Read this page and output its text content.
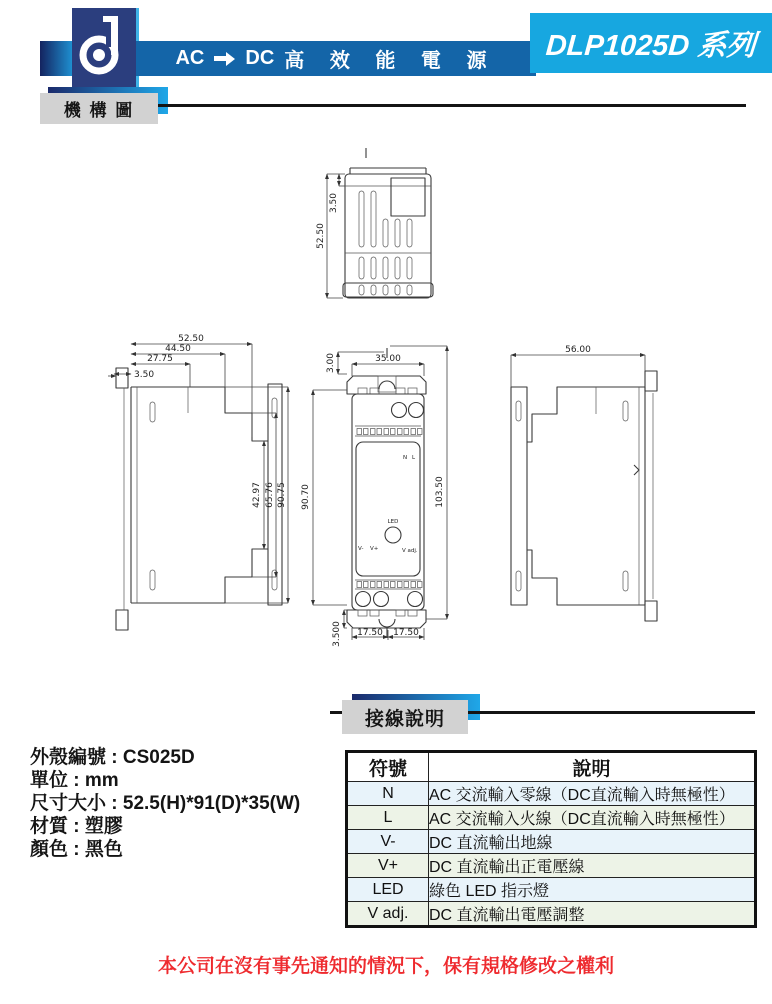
AC DC 高 效 能 電 源 DLP1025D 系列
機 構 圖
52.50
3.50
52.50
44.50
27.75
3.50
42.97 65.76 90.75
N L
LED
V- V+	V adj.
35.00
3.00
90.70	103.50
17.50 17.50
3.500
56.00
接線說明
外殼編號 : CS025D
單位 : mm
尺寸大小 : 52.5(H)*91(D)*35(W)
材質 : 塑膠
顏色 : 黑色
符號	說明
N	AC 交流輸入零線（DC直流輸入時無極性）
L	AC 交流輸入火線（DC直流輸入時無極性）
V-	DC 直流輸出地線
V+	DC 直流輸出正電壓線
LED	綠色 LED 指示燈
V adj.	DC 直流輸出電壓調整
本公司在沒有事先通知的情況下，保有規格修改之權利
